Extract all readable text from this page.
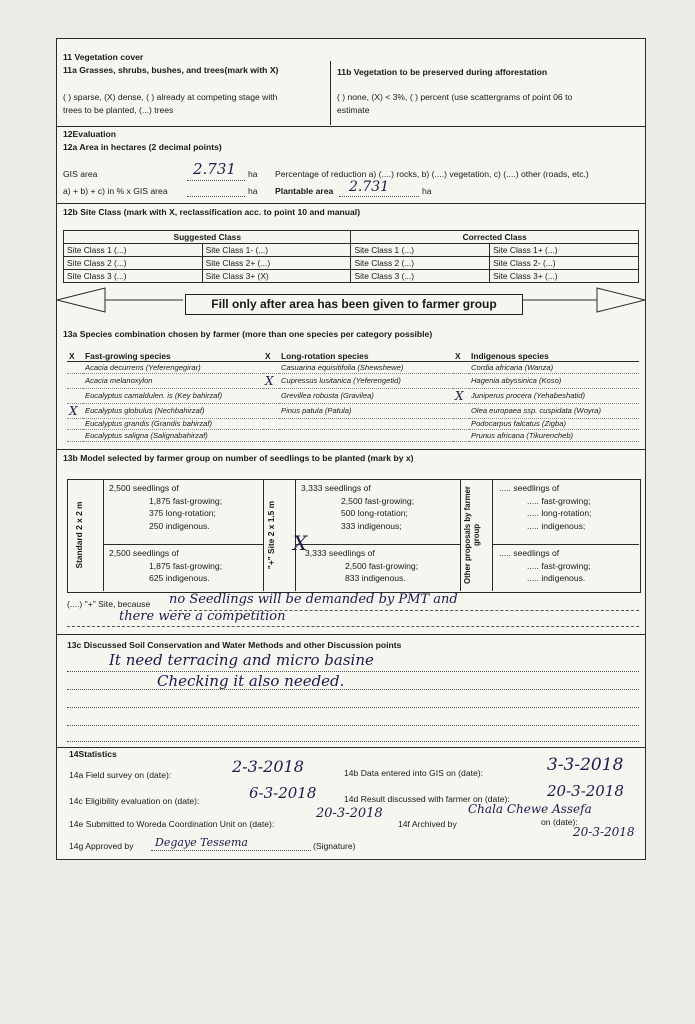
11 Vegetation cover
11a Grasses, shrubs, bushes, and trees(mark with X)	11b Vegetation to be preserved during afforestation
( ) sparse, (X) dense, ( ) already at competing stage with
trees to be planted, (...) trees
( ) none, (X) < 3%, ( ) percent (use scattergrams of point 06 to
estimate
12Evaluation
12a Area in hectares (2 decimal points)
GIS area	2.731 ha Percentage of reduction a) (....) rocks, b) (....) vegetation, c) (....) other (roads, etc.)
a) + b) + c) in % x GIS area	ha Plantable area 2.731	ha
12b Site Class (mark with X, reclassification acc. to point 10 and manual)
Suggested Class		Corrected Class	
Site Class 1 (...)	Site Class 1- (...)	Site Class 1 (...)	Site Class 1+ (...)
Site Class 2 (...)	Site Class 2+ (...)	Site Class 2 (...)	Site Class 2- (...)
Site Class 3 (...)	Site Class 3+ (X)	Site Class 3 (...)	Site Class 3+ (...)
Fill only after area has been given to farmer group
13a Species combination chosen by farmer (more than one species per category possible)
X	Fast-growing species	X	Long-rotation species	X	Indigenous species
	Acacia decurrens (Yeferengegirar)		Casuarina equisitifolia (Shewshewe)		Cordia africana (Wanza)
	Acacia melanoxylon	X	Cupressus lusitanica (Yeferengetid)		Hagenia abyssinica (Koso)
	Eucalyptus camaldulen. is (Key bahirzaf)		Grevillea robusta (Gravilea)	X	Juniperus procera (Yehabeshatid)
X	Eucalyptus globulus (Nechbahirzaf)		Pinus patula (Patula)		Olea europaea ssp. cuspidata (Woyra)
	Eucalyptus grandis (Grandis bahirzaf)				Podocarpus falcatus (Zigba)
	Eucalyptus saligna (Salignabahirzaf)				Prunus africana (Tikurencheb)
13b Model selected by farmer group on number of seedlings to be planted (mark by x)
Standard 2 x 2 m	"+" Site 2 x 1.5 m	Other proposals by farmer group
2,500 seedlings of
1,875 fast-growing;
375 long-rotation;
250 indigenous.
2,500 seedlings of
1,875 fast-growing;
625 indigenous.
3,333 seedlings of
2,500 fast-growing;
500 long-rotation;
333 indigenous;
3,333 seedlings of
2,500 fast-growing;
833 indigenous.
X
..... seedlings of
..... fast-growing;
..... long-rotation;
..... indigenous;
..... seedlings of
..... fast-growing;
..... indigenous.
(....) "+" Site, because no Seedlings will be demanded by PMT and
there were a competition
13c Discussed Soil Conservation and Water Methods and other Discussion points
It need terracing and micro basine
Checking it also needed.
14Statistics
14a Field survey on (date):	2-3-2018	14b Data entered into GIS on (date):	3-3-2018
14c Eligibility evaluation on (date):	6-3-2018	14d Result discussed with farmer on (date): 20-3-2018
14e Submitted to Woreda Coordination Unit on (date):
20-3-2018
14f Archived by
Chala Chewe Assefa
on (date):
20-3-2018
14g Approved by Degaye Tessema	(Signature)
